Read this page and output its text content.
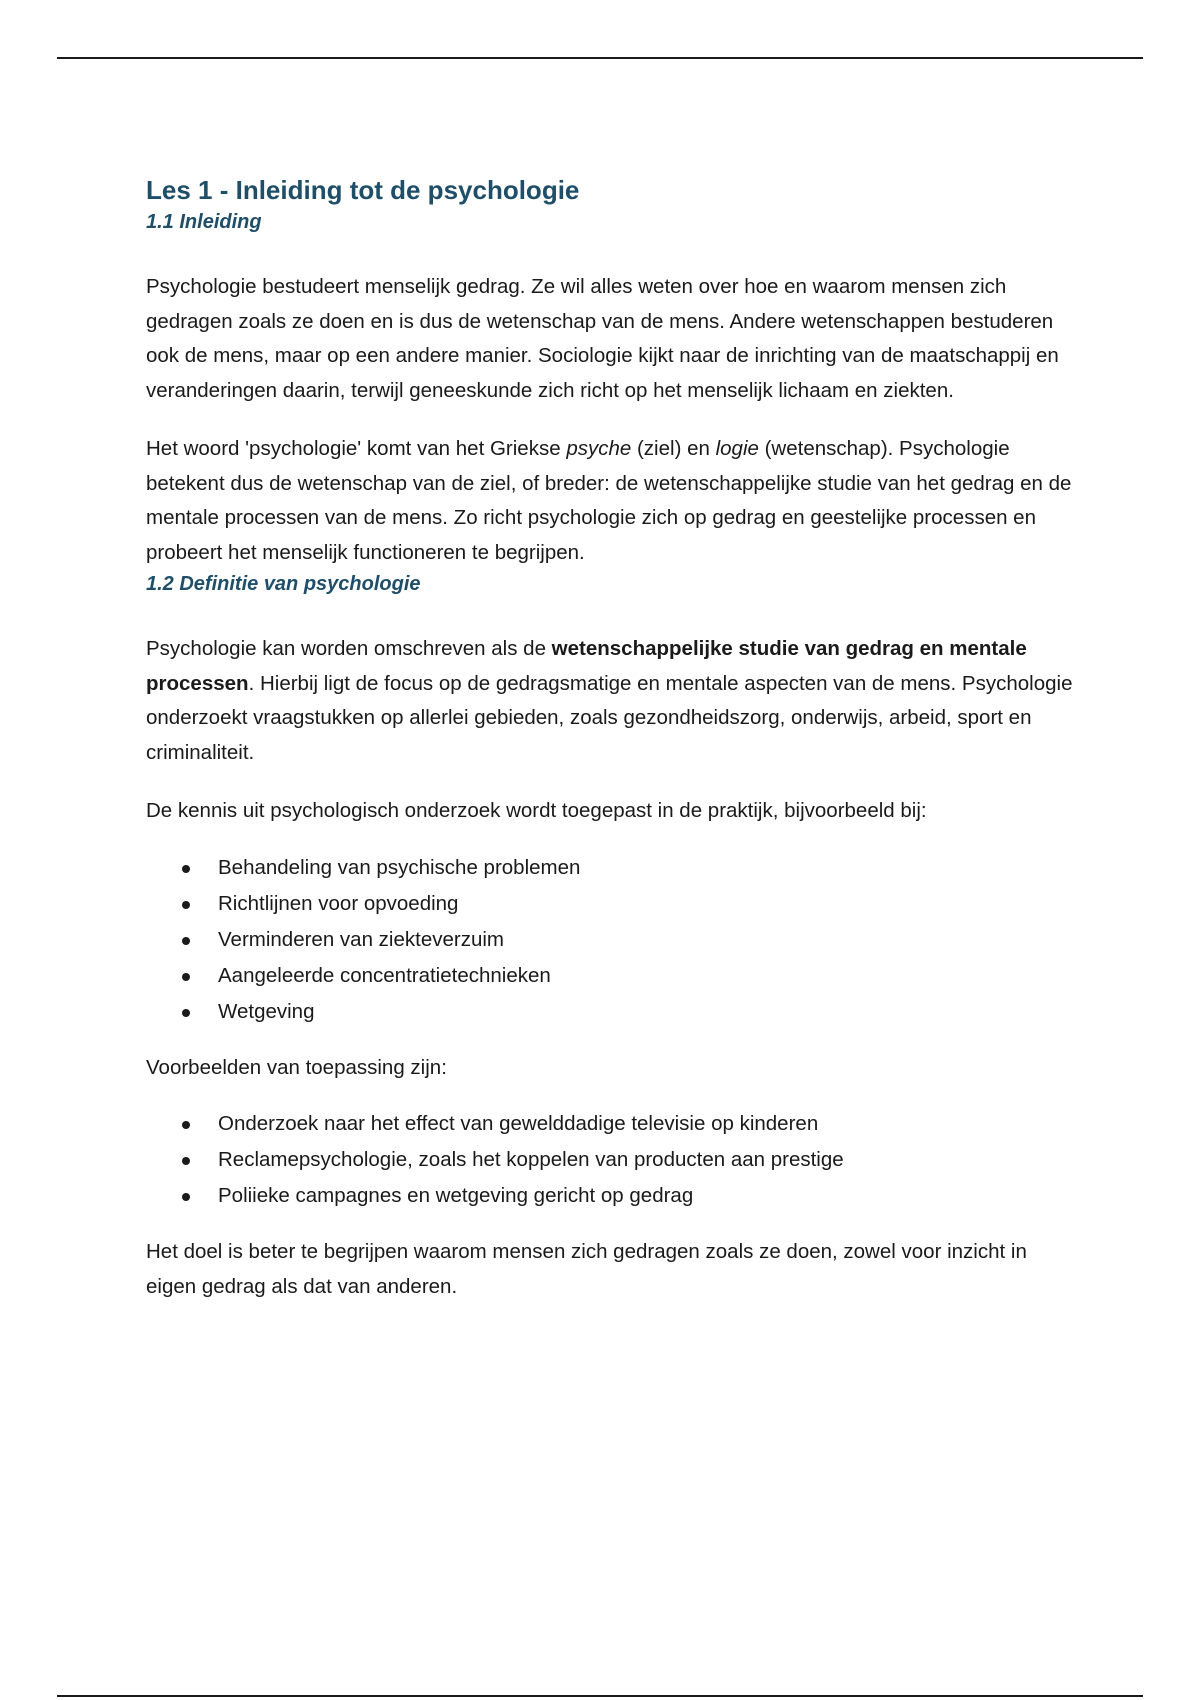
Les 1 - Inleiding tot de psychologie
1.1 Inleiding

Psychologie bestudeert menselijk gedrag. Ze wil alles weten over hoe en waarom mensen zich gedragen zoals ze doen en is dus de wetenschap van de mens. Andere wetenschappen bestuderen ook de mens, maar op een andere manier. Sociologie kijkt naar de inrichting van de maatschappij en veranderingen daarin, terwijl geneeskunde zich richt op het menselijk lichaam en ziekten.

Het woord 'psychologie' komt van het Griekse psyche (ziel) en logie (wetenschap). Psychologie betekent dus de wetenschap van de ziel, of breder: de wetenschappelijke studie van het gedrag en de mentale processen van de mens. Zo richt psychologie zich op gedrag en geestelijke processen en probeert het menselijk functioneren te begrijpen.

1.2 Definitie van psychologie

Psychologie kan worden omschreven als de wetenschappelijke studie van gedrag en mentale processen. Hierbij ligt de focus op de gedragsmatige en mentale aspecten van de mens. Psychologie onderzoekt vraagstukken op allerlei gebieden, zoals gezondheidszorg, onderwijs, arbeid, sport en criminaliteit.

De kennis uit psychologisch onderzoek wordt toegepast in de praktijk, bijvoorbeeld bij:

Behandeling van psychische problemen
Richtlijnen voor opvoeding
Verminderen van ziekteverzuim
Aangeleerde concentratietechnieken
Wetgeving

Voorbeelden van toepassing zijn:

Onderzoek naar het effect van gewelddadige televisie op kinderen
Reclamepsychologie, zoals het koppelen van producten aan prestige
Poliieke campagnes en wetgeving gericht op gedrag

Het doel is beter te begrijpen waarom mensen zich gedragen zoals ze doen, zowel voor inzicht in eigen gedrag als dat van anderen.
